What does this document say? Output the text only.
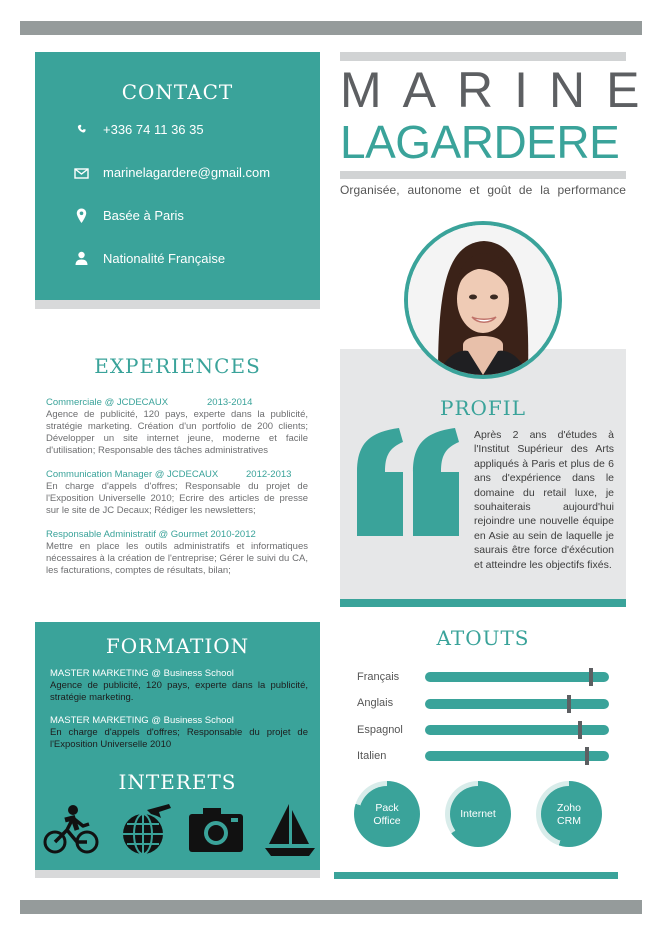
CONTACT
+336 74 11 36 35
marinelagardere@gmail.com
Basée à Paris
Nationalité Française
MARINE
LAGARDERE
Organisée, autonome et goût de la performance
EXPERIENCES
Commerciale @ JCDECAUX	2013-2014
Agence de publicité, 120 pays, experte dans la publicité, stratégie marketing. Création d'un portfolio de 200 clients; Développer un site internet jeune, moderne et facile d'utilisation; Responsable des tâches administratives
Communication Manager @ JCDECAUX	2012-2013
En charge d'appels d'offres; Responsable du projet de l'Exposition Universelle 2010; Ecrire des articles de presse sur le site de JC Decaux; Rédiger les newsletters;
Responsable Administratif @ Gourmet 2010-2012
Mettre en place les outils administratifs et informatiques nécessaires à la création de l'entreprise; Gérer le suivi du CA, les facturations, comptes de résultats, bilan;
PROFIL
Après 2 ans d'études à l'Institut Supérieur des Arts appliqués à Paris et plus de 6 ans d'expérience dans le domaine du retail luxe, je souhaiterais aujourd'hui rejoindre une nouvelle équipe en Asie au sein de laquelle je saurais être force d'éxécution et atteindre les objectifs fixés.
FORMATION
INTERETS
MASTER MARKETING @ Business School
Agence de publicité, 120 pays, experte dans la publicité, stratégie marketing.
MASTER MARKETING @ Business School
En charge d'appels d'offres; Responsable du projet de l'Exposition Universelle 2010
ATOUTS
Français
Anglais
Espagnol
Italien
Pack
Office
Internet	Zoho
CRM
